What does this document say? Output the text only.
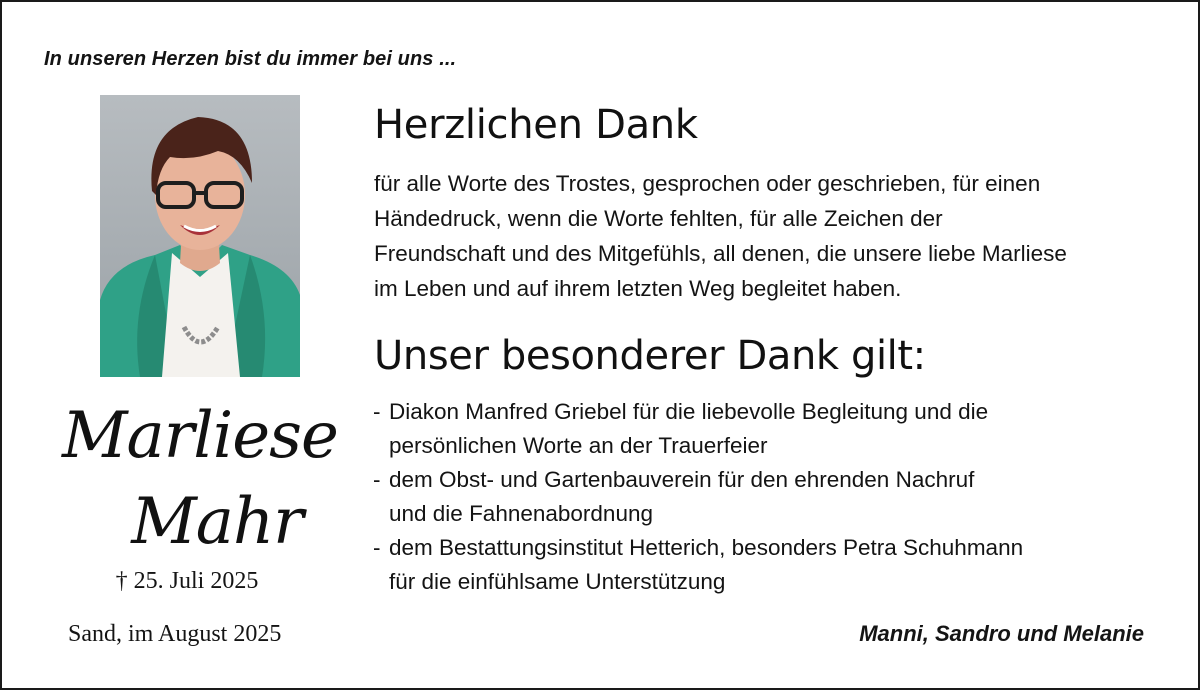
In unseren Herzen bist du immer bei uns ...
Marliese
Mahr
† 25. Juli 2025
Sand, im August 2025
Herzlichen Dank
für alle Worte des Trostes, gesprochen oder geschrieben, für einen
Händedruck, wenn die Worte fehlten, für alle Zeichen der
Freundschaft und des Mitgefühls, all denen, die unsere liebe Marliese
im Leben und auf ihrem letzten Weg begleitet haben.
Unser besonderer Dank gilt:
- Diakon Manfred Griebel für die liebevolle Begleitung und die
persönlichen Worte an der Trauerfeier
- dem Obst- und Gartenbauverein für den ehrenden Nachruf
und die Fahnenabordnung
- dem Bestattungsinstitut Hetterich, besonders Petra Schuhmann
für die einfühlsame Unterstützung
Manni, Sandro und Melanie
